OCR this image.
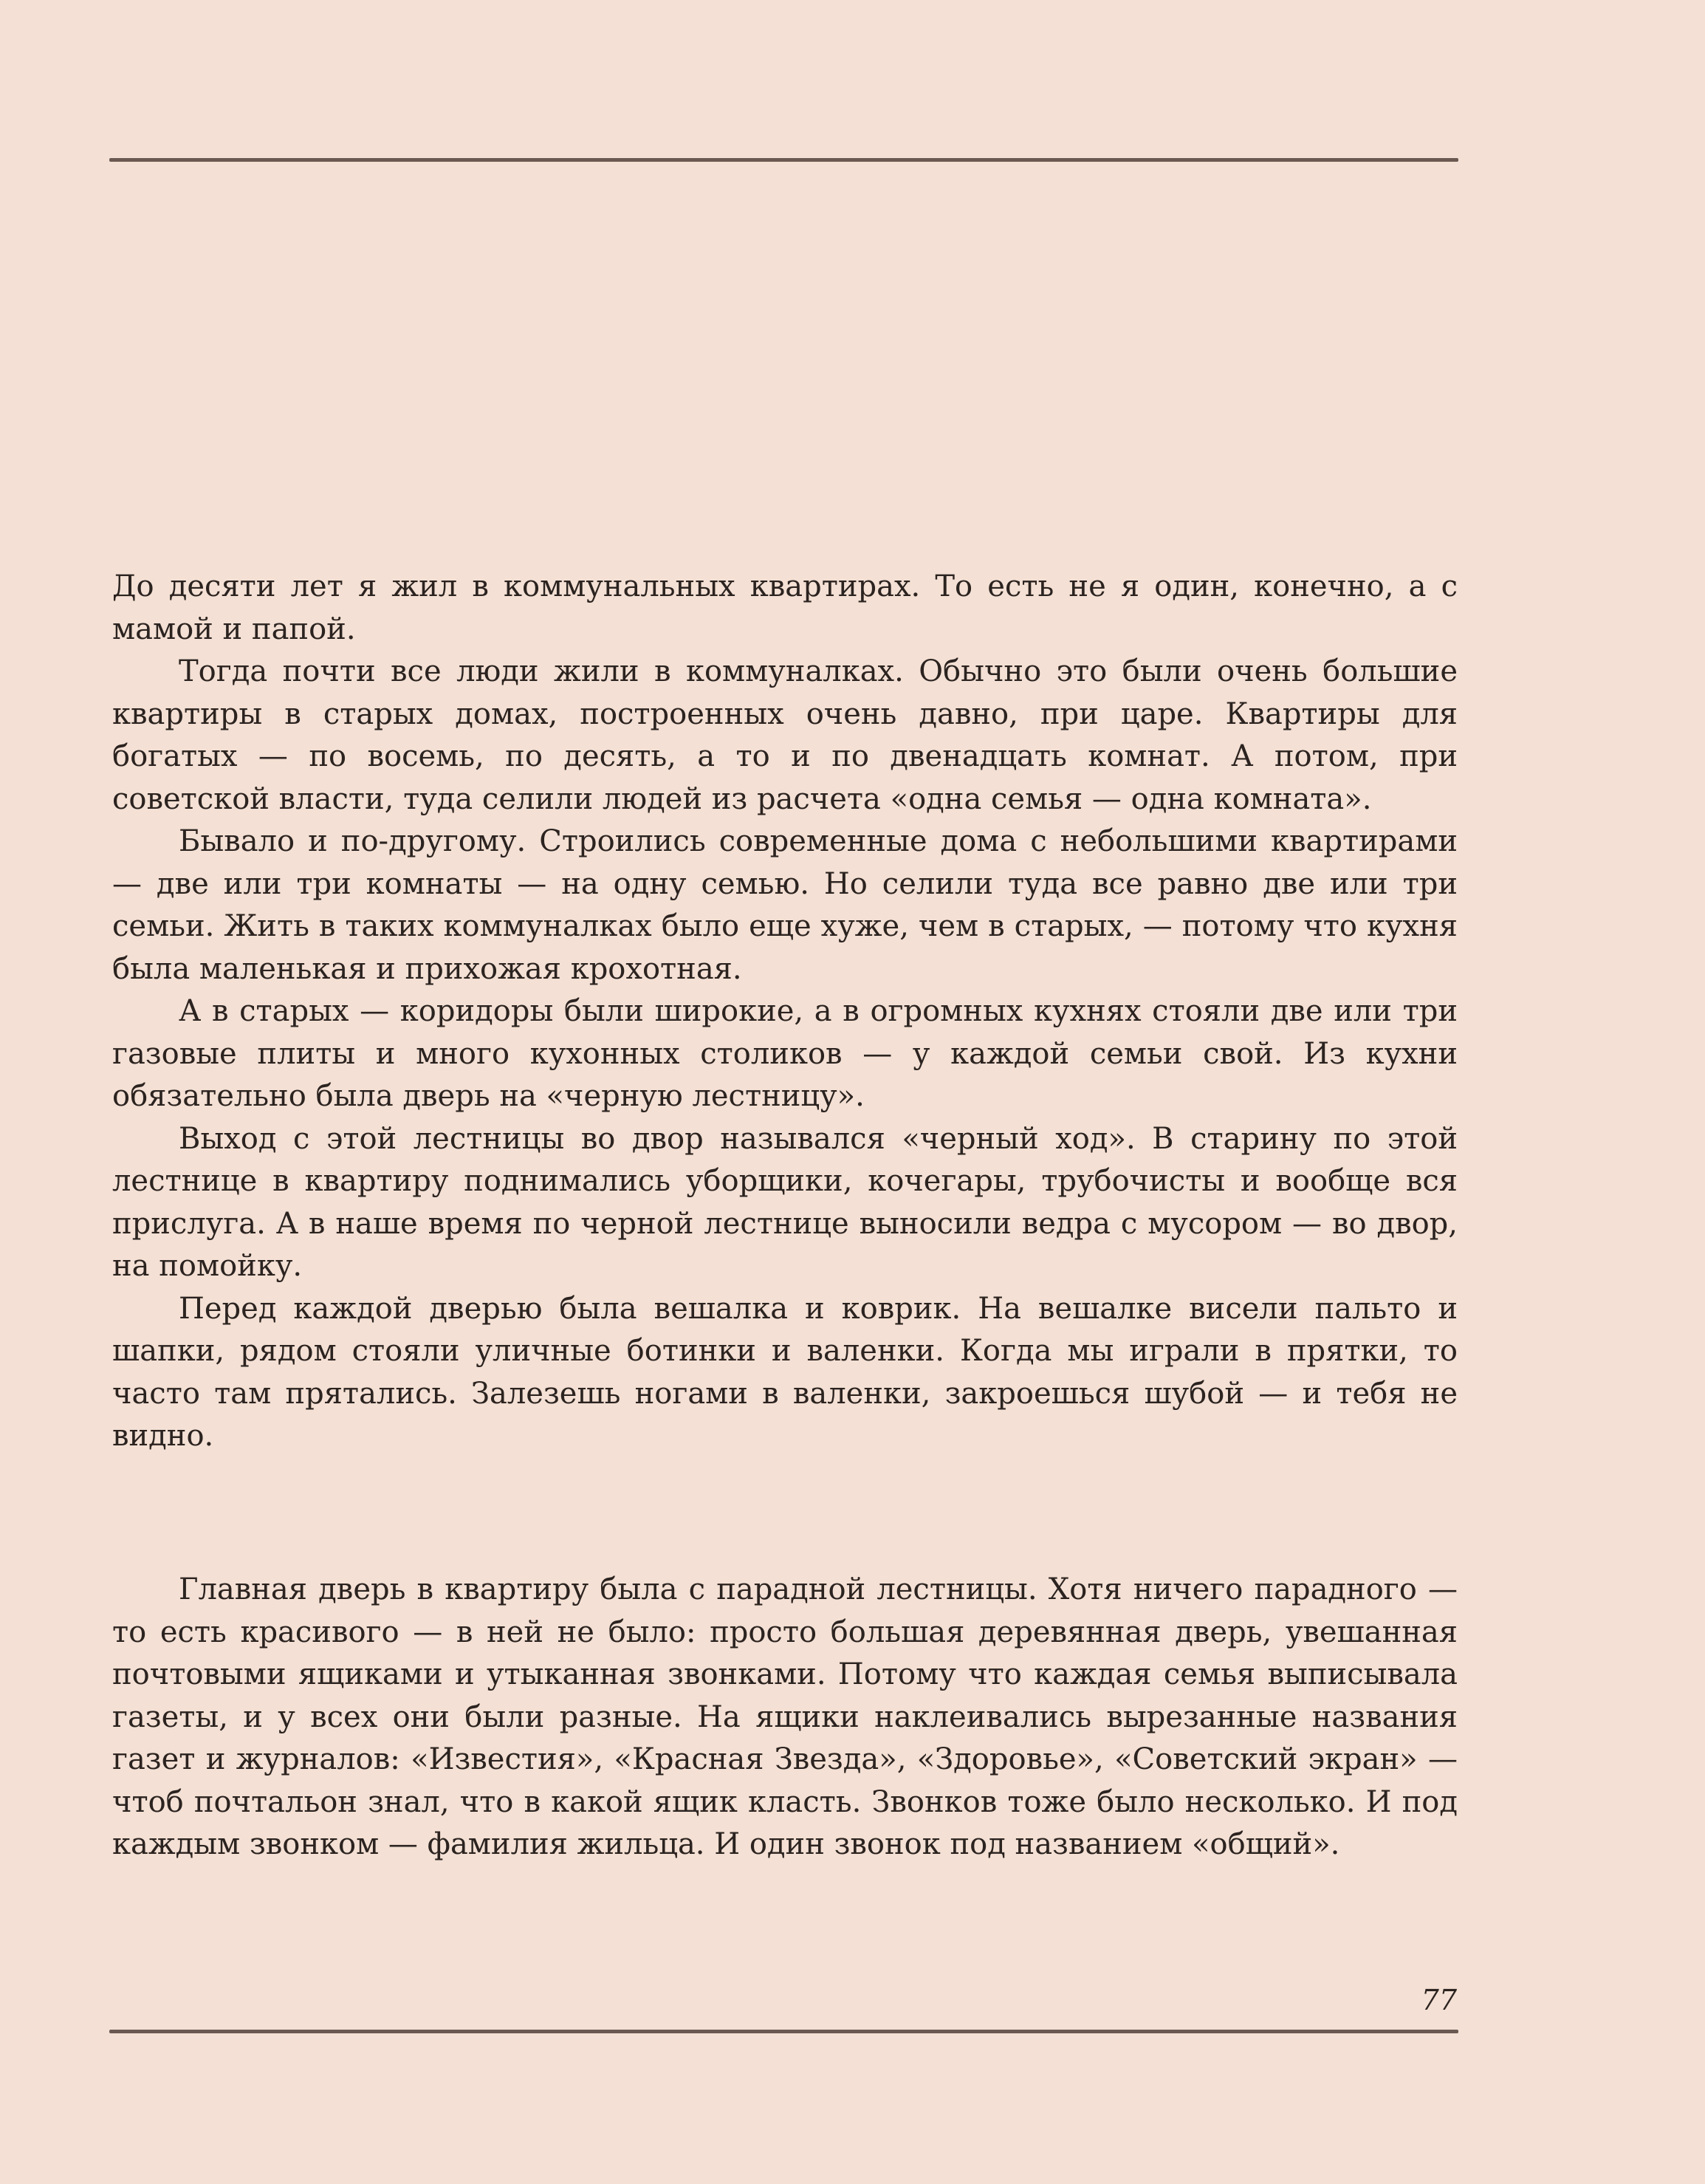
До десяти лет я жил в коммунальных квартирах. То есть не я один, конечно, а с мамой и папой.

Тогда почти все люди жили в коммуналках. Обычно это были очень большие квартиры в старых домах, построенных очень давно, при царе. Квартиры для богатых — по восемь, по десять, а то и по двенадцать комнат. А потом, при советской власти, туда селили людей из расчета «одна семья — одна комната».

Бывало и по-другому. Строились современные дома с небольшими квартирами — две или три комнаты — на одну семью. Но селили туда все равно две или три семьи. Жить в таких коммуналках было еще хуже, чем в старых, — потому что кухня была маленькая и прихожая крохотная.

А в старых — коридоры были широкие, а в огромных кухнях стояли две или три газовые плиты и много кухонных столиков — у каждой семьи свой. Из кухни обязательно была дверь на «черную лестницу».

Выход с этой лестницы во двор назывался «черный ход». В старину по этой лестнице в квартиру поднимались уборщики, кочегары, трубочисты и вообще вся прислуга. А в наше время по черной лестнице выносили ведра с мусором — во двор, на помойку.

Перед каждой дверью была вешалка и коврик. На вешалке висели пальто и шапки, рядом стояли уличные ботинки и валенки. Когда мы играли в прятки, то часто там прятались. Залезешь ногами в валенки, закроешься шубой — и тебя не видно.

Главная дверь в квартиру была с парадной лестницы. Хотя ничего парадного — то есть красивого — в ней не было: просто большая деревянная дверь, увешанная почтовыми ящиками и утыканная звонками. Потому что каждая семья выписывала газеты, и у всех они были разные. На ящики наклеивались вырезанные названия газет и журналов: «Известия», «Красная Звезда», «Здоровье», «Советский экран» — чтоб почтальон знал, что в какой ящик класть. Звонков тоже было несколько. И под каждым звонком — фамилия жильца. И один звонок под названием «общий».

77
